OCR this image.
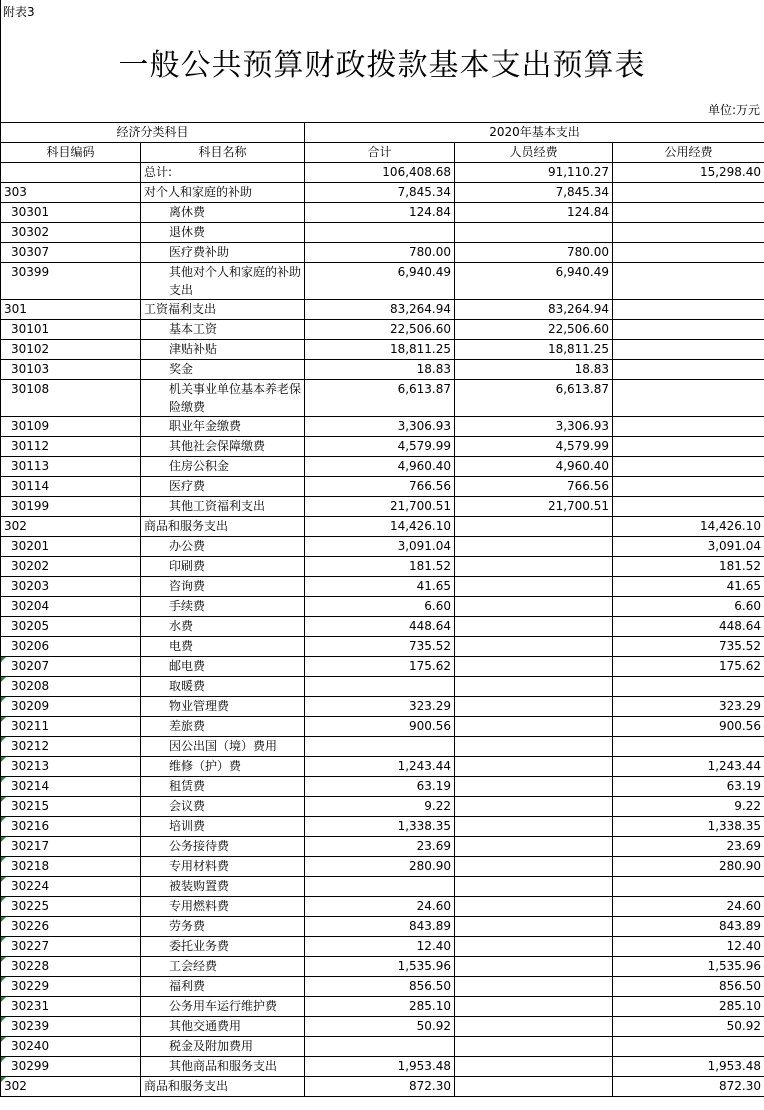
附表3
一般公共预算财政拨款基本支出预算表
单位:万元
经济分类科目		2020年基本支出		
科目编码	科目名称	合计	人员经费	公用经费
	总计:	106,408.68	91,110.27	15,298.40
303	对个人和家庭的补助	7,845.34	7,845.34	
30301	离休费	124.84	124.84	
30302	退休费			
30307	医疗费补助	780.00	780.00	
30399	其他对个人和家庭的补助支出	6,940.49	6,940.49	
301	工资福利支出	83,264.94	83,264.94	
30101	基本工资	22,506.60	22,506.60	
30102	津贴补贴	18,811.25	18,811.25	
30103	奖金	18.83	18.83	
30108	机关事业单位基本养老保险缴费	6,613.87	6,613.87	
30109	职业年金缴费	3,306.93	3,306.93	
30112	其他社会保障缴费	4,579.99	4,579.99	
30113	住房公积金	4,960.40	4,960.40	
30114	医疗费	766.56	766.56	
30199	其他工资福利支出	21,700.51	21,700.51	
302	商品和服务支出	14,426.10		14,426.10
30201	办公费	3,091.04		3,091.04
30202	印刷费	181.52		181.52
30203	咨询费	41.65		41.65
30204	手续费	6.60		6.60
30205	水费	448.64		448.64
30206	电费	735.52		735.52
30207	邮电费	175.62		175.62
30208	取暖费			
30209	物业管理费	323.29		323.29
30211	差旅费	900.56		900.56
30212	因公出国（境）费用			
30213	维修（护）费	1,243.44		1,243.44
30214	租赁费	63.19		63.19
30215	会议费	9.22		9.22
30216	培训费	1,338.35		1,338.35
30217	公务接待费	23.69		23.69
30218	专用材料费	280.90		280.90
30224	被装购置费			
30225	专用燃料费	24.60		24.60
30226	劳务费	843.89		843.89
30227	委托业务费	12.40		12.40
30228	工会经费	1,535.96		1,535.96
30229	福利费	856.50		856.50
30231	公务用车运行维护费	285.10		285.10
30239	其他交通费用	50.92		50.92
30240	税金及附加费用			
30299	其他商品和服务支出	1,953.48		1,953.48
302	商品和服务支出	872.30		872.30
